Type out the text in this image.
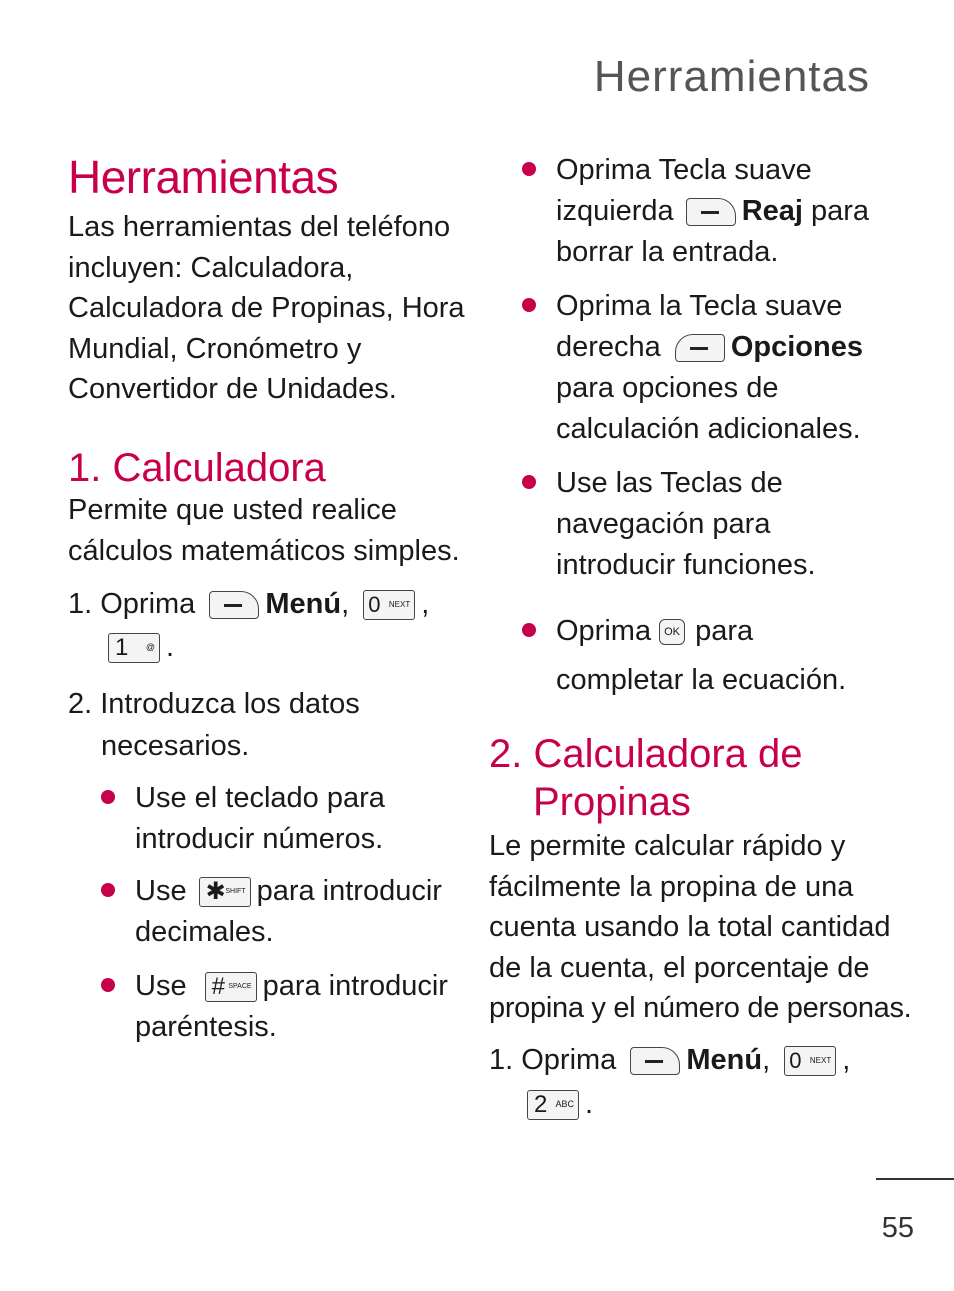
Herramientas
Herramientas
Las herramientas del teléfono
incluyen: Calculadora,
Calculadora de Propinas, Hora
Mundial, Cronómetro y
Convertidor de Unidades.
1. Calculadora
Permite que usted realice
cálculos matemáticos simples.
1. Oprima Menú, 0 NEXT ,
1 @ .
2. Introduzca los datos
necesarios.
Use el teclado para
introducir números.
Use ✱ SHIFT para introducir
decimales.
Use # SPACE para introducir
paréntesis.
Oprima Tecla suave
izquierda Reaj para
borrar la entrada.
Oprima la Tecla suave
derecha Opciones
para opciones de
calculación adicionales.
Use las Teclas de
navegación para
introducir funciones.
Oprima OK para
completar la ecuación.
2. Calculadora de
Propinas
Le permite calcular rápido y
fácilmente la propina de una
cuenta usando la total cantidad
de la cuenta, el porcentaje de
propina y el número de personas.
1. Oprima Menú, 0 NEXT ,
2 ABC .
55
